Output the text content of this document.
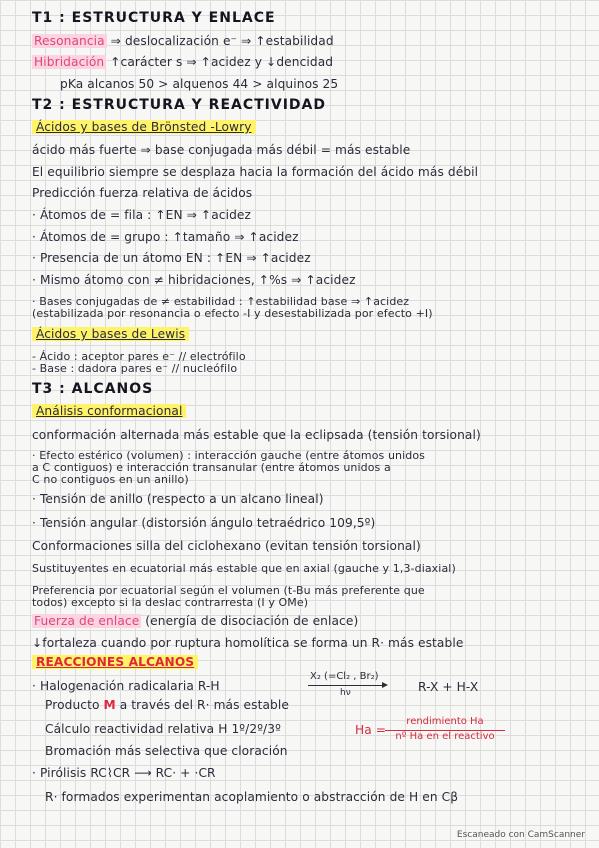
T1 : ESTRUCTURA Y ENLACE
Resonancia ⇒ deslocalización e⁻ ⇒ ↑estabilidad
Hibridación ↑carácter s ⇒ ↑acidez y ↓dencidad
pKa alcanos 50 > alquenos 44 > alquinos 25
T2 : ESTRUCTURA Y REACTIVIDAD
Ácidos y bases de Brönsted -Lowry
ácido más fuerte ⇒ base conjugada más débil = más estable
El equilibrio siempre se desplaza hacia la formación del ácido más débil
Predicción fuerza relativa de ácidos
· Átomos de = fila : ↑EN ⇒ ↑acidez
· Átomos de = grupo : ↑tamaño ⇒ ↑acidez
· Presencia de un átomo EN : ↑EN ⇒ ↑acidez
· Mismo átomo con ≠ hibridaciones, ↑%s ⇒ ↑acidez
· Bases conjugadas de ≠ estabilidad : ↑estabilidad base ⇒ ↑acidez
(estabilizada por resonancia o efecto -I y desestabilizada por efecto +I)
Ácidos y bases de Lewis
- Ácido : aceptor pares e⁻ // electrófilo
- Base : dadora pares e⁻ // nucleófilo
T3 : ALCANOS
Análisis conformacional
conformación alternada más estable que la eclipsada (tensión torsional)
· Efecto estérico (volumen) : interacción gauche (entre átomos unidos
a C contiguos) e interacción transanular (entre átomos unidos a
C no contiguos en un anillo)
· Tensión de anillo (respecto a un alcano lineal)
· Tensión angular (distorsión ángulo tetraédrico 109,5º)
Conformaciones silla del ciclohexano (evitan tensión torsional)
Sustituyentes en ecuatorial más estable que en axial (gauche y 1,3-diaxial)
Preferencia por ecuatorial según el volumen (t-Bu más preferente que
todos) excepto si la deslac contrarresta (I y OMe)
Fuerza de enlace (energía de disociación de enlace)
↓fortaleza cuando por ruptura homolítica se forma un R· más estable
REACCIONES ALCANOS
· Halogenación radicalaria R-H
X₂ (=Cl₂ , Br₂)
hν	R-X + H-X
Producto M a través del R· más estable
Cálculo reactividad relativa H 1º/2º/3º	Ha =
rendimiento Ha
nº Ha en el reactivo
Bromación más selectiva que cloración
· Pirólisis RC⌇CR ⟶ RC· + ·CR
R· formados experimentan acoplamiento o abstracción de H en Cβ
Escaneado con CamScanner
